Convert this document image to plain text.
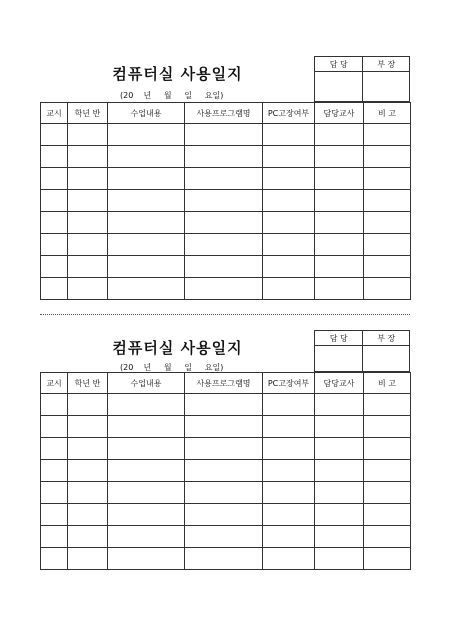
컴퓨터실 사용일지
(20    년     월     일     요일)
담 당	부 장

교시	학년 반	수업내용	사용프로그램명	PC고장여부	담당교사	비 고

컴퓨터실 사용일지
(20    년     월     일     요일)
담 당	부 장

교시	학년 반	수업내용	사용프로그램명	PC고장여부	담당교사	비 고
